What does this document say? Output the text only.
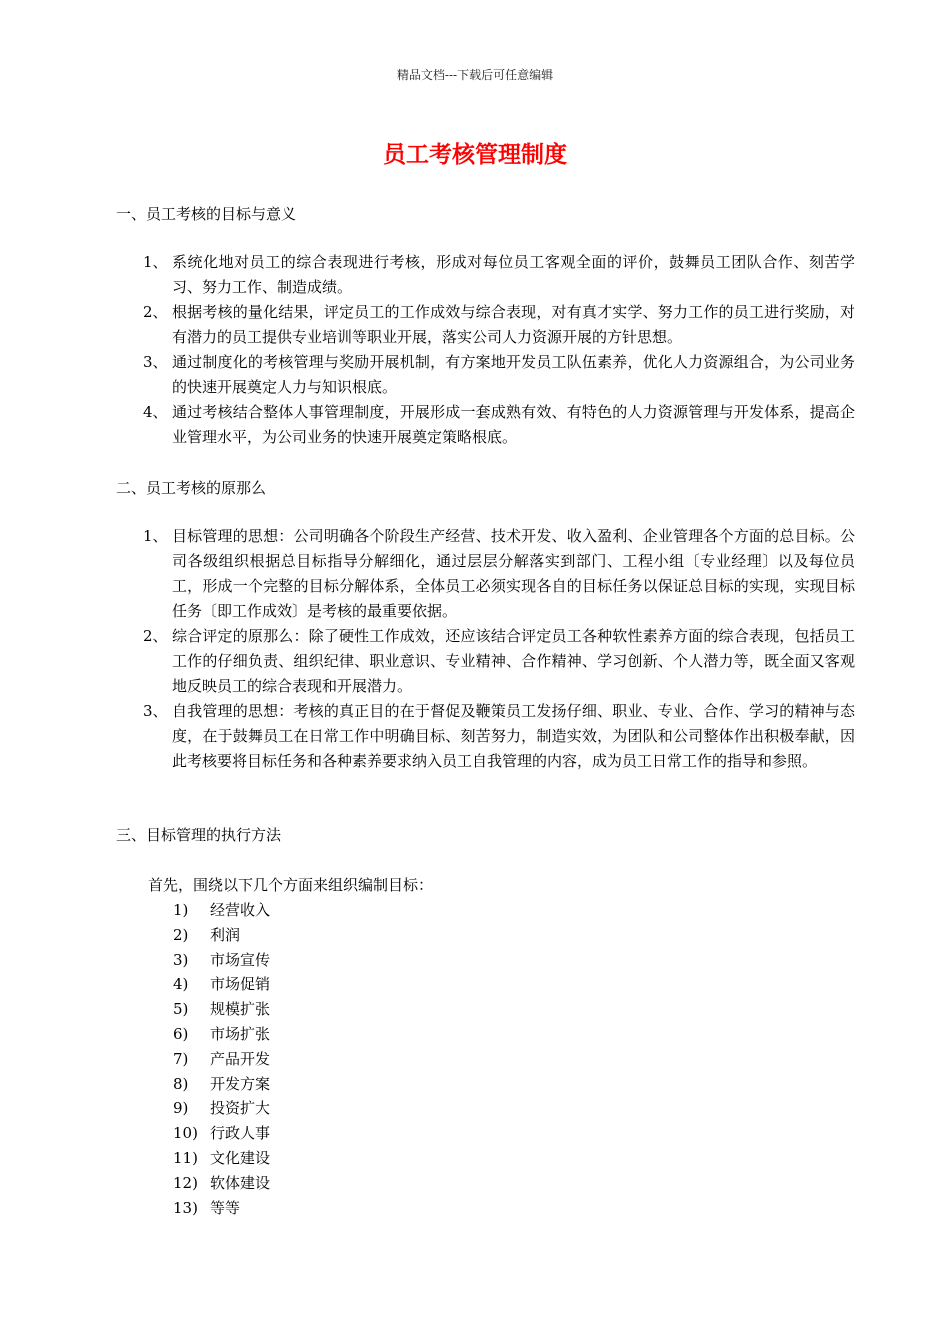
精品文档---下载后可任意编辑
员工考核管理制度
一、员工考核的目标与意义
1、 系统化地对员工的综合表现进行考核，形成对每位员工客观全面的评价，鼓舞员工团队合作、刻苦学习、努力工作、制造成绩。
2、 根据考核的量化结果，评定员工的工作成效与综合表现，对有真才实学、努力工作的员工进行奖励，对有潜力的员工提供专业培训等职业开展，落实公司人力资源开展的方针思想。
3、 通过制度化的考核管理与奖励开展机制，有方案地开发员工队伍素养，优化人力资源组合，为公司业务的快速开展奠定人力与知识根底。
4、 通过考核结合整体人事管理制度，开展形成一套成熟有效、有特色的人力资源管理与开发体系，提高企业管理水平，为公司业务的快速开展奠定策略根底。
二、员工考核的原那么
1、 目标管理的思想：公司明确各个阶段生产经营、技术开发、收入盈利、企业管理各个方面的总目标。公司各级组织根据总目标指导分解细化，通过层层分解落实到部门、工程小组〔专业经理〕以及每位员工，形成一个完整的目标分解体系，全体员工必须实现各自的目标任务以保证总目标的实现，实现目标任务〔即工作成效〕是考核的最重要依据。
2、 综合评定的原那么：除了硬性工作成效，还应该结合评定员工各种软性素养方面的综合表现，包括员工工作的仔细负责、组织纪律、职业意识、专业精神、合作精神、学习创新、个人潜力等，既全面又客观地反映员工的综合表现和开展潜力。
3、 自我管理的思想：考核的真正目的在于督促及鞭策员工发扬仔细、职业、专业、合作、学习的精神与态度，在于鼓舞员工在日常工作中明确目标、刻苦努力，制造实效，为团队和公司整体作出积极奉献，因此考核要将目标任务和各种素养要求纳入员工自我管理的内容，成为员工日常工作的指导和参照。
三、目标管理的执行方法
首先，围绕以下几个方面来组织编制目标：
1) 经营收入
2) 利润
3) 市场宣传
4) 市场促销
5) 规模扩张
6) 市场扩张
7) 产品开发
8) 开发方案
9) 投资扩大
10) 行政人事
11) 文化建设
12) 软体建设
13) 等等
